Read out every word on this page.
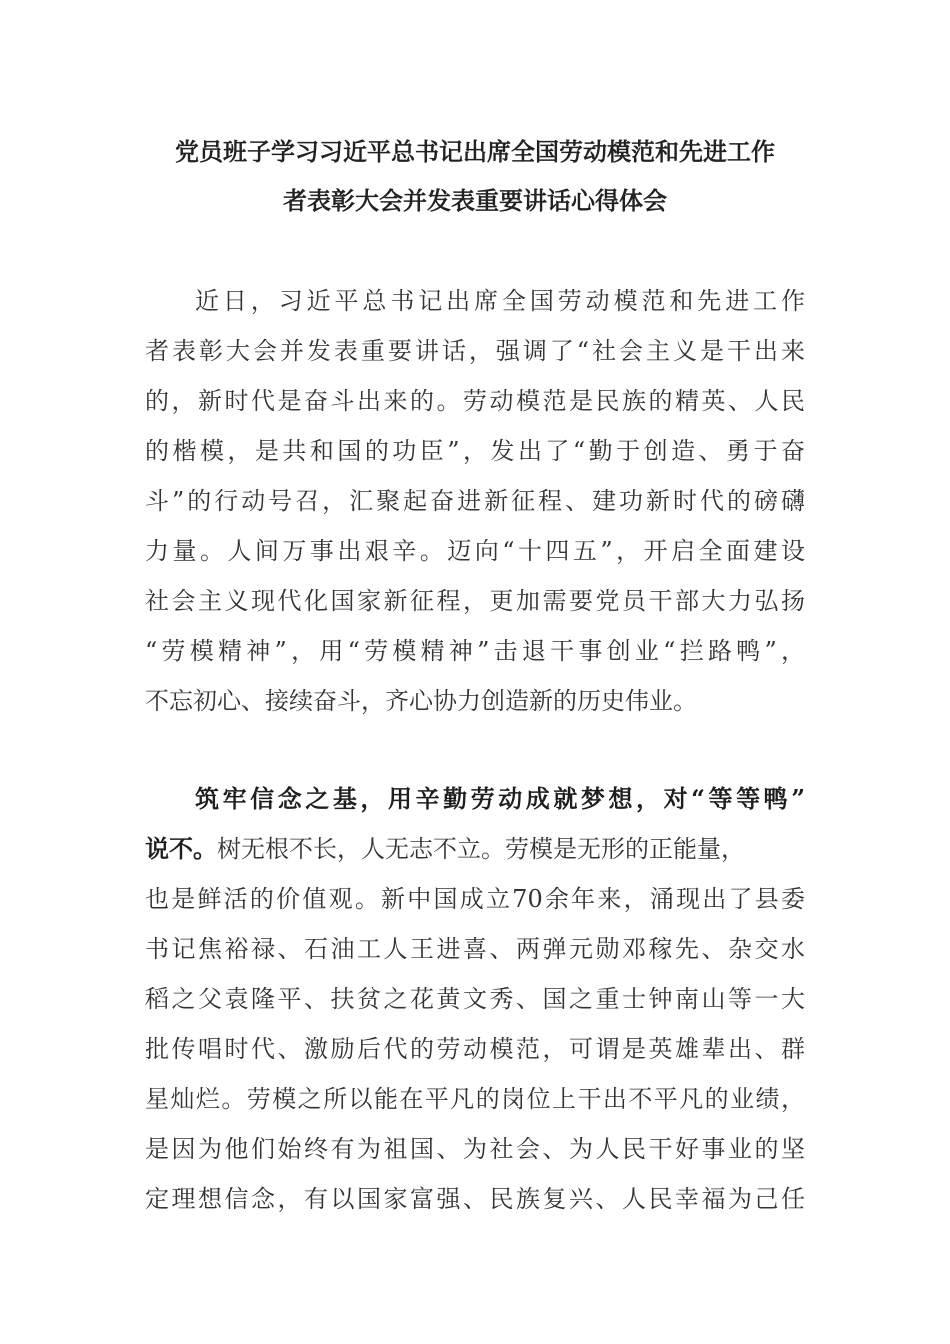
党员班子学习习近平总书记出席全国劳动模范和先进工作
者表彰大会并发表重要讲话心得体会
近日，习近平总书记出席全国劳动模范和先进工作
者表彰大会并发表重要讲话，强调了“社会主义是干出来
的，新时代是奋斗出来的。劳动模范是民族的精英、人民
的楷模，是共和国的功臣”，发出了“勤于创造、勇于奋
斗”的行动号召，汇聚起奋进新征程、建功新时代的磅礴
力量。人间万事出艰辛。迈向“十四五”，开启全面建设
社会主义现代化国家新征程，更加需要党员干部大力弘扬
“劳模精神”，用“劳模精神”击退干事创业“拦路鸭”，
不忘初心、接续奋斗，齐心协力创造新的历史伟业。
筑牢信念之基，用辛勤劳动成就梦想，对“等等鸭”
说不。树无根不长，人无志不立。劳模是无形的正能量，
也是鲜活的价值观。新中国成立70余年来，涌现出了县委
书记焦裕禄、石油工人王进喜、两弹元勋邓稼先、杂交水
稻之父袁隆平、扶贫之花黄文秀、国之重士钟南山等一大
批传唱时代、激励后代的劳动模范，可谓是英雄辈出、群
星灿烂。劳模之所以能在平凡的岗位上干出不平凡的业绩，
是因为他们始终有为祖国、为社会、为人民干好事业的坚
定理想信念，有以国家富强、民族复兴、人民幸福为己任
